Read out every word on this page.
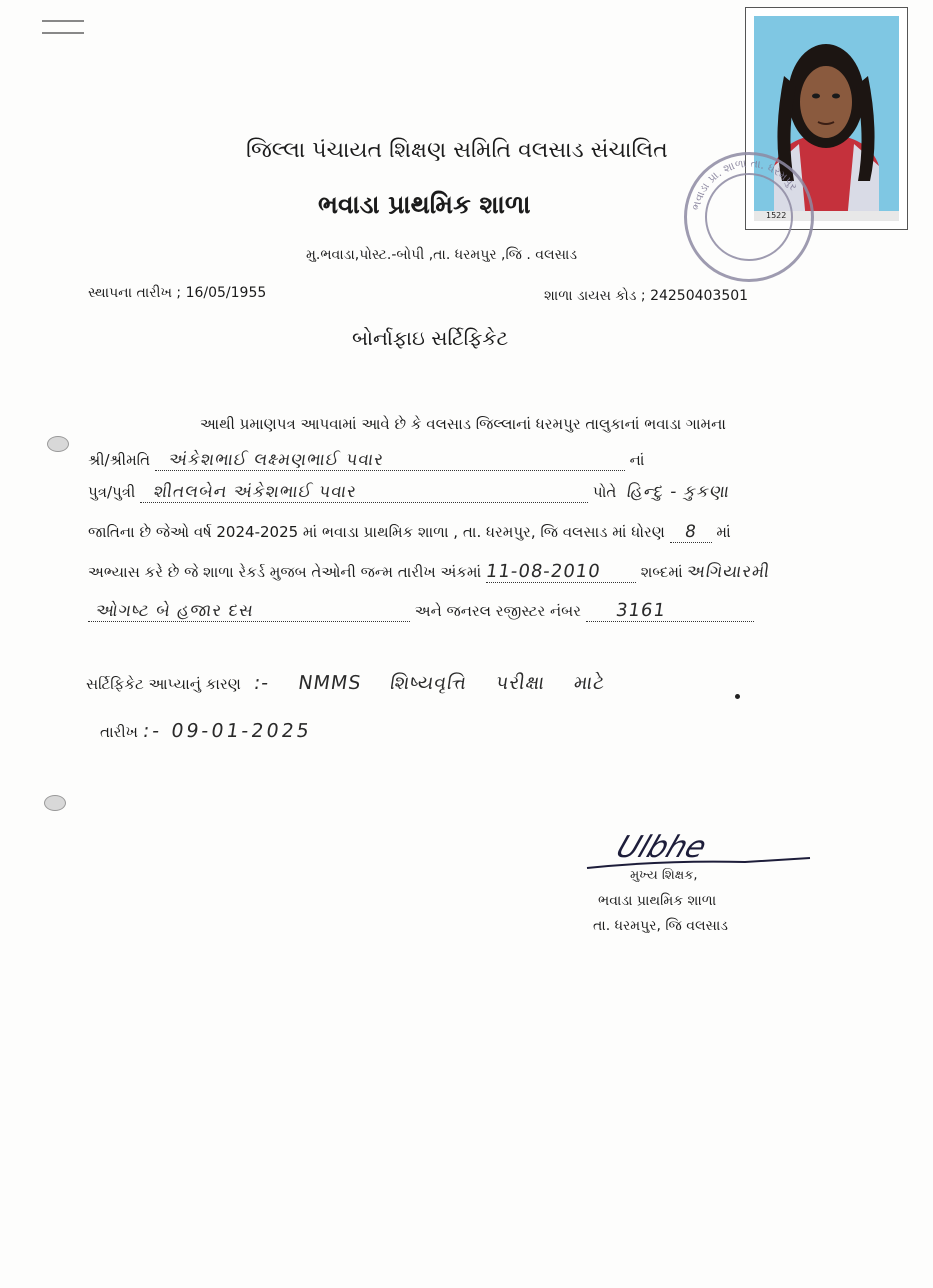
1522
ભવાડા પ્રા. શાળા તા. ધરમપુર
જિલ્લા પંચાયત શિક્ષણ સમિતિ વલસાડ સંચાલિત
ભવાડા પ્રાથમિક શાળા
મુ.ભવાડા,પોસ્ટ.-બોપી ,તા. ધરમપુર ,જિ . વલસાડ
સ્થાપના તારીખ ; 16/05/1955	શાળા ડાયસ કોડ ; 24250403501
બોર્નાફાઇ સર્ટિફિકેટ
આથી પ્રમાણપત્ર આપવામાં આવે છે કે વલસાડ જિલ્લાનાં ધરમપુર તાલુકાનાં ભવાડા ગામના
શ્રી/શ્રીમતિ અંકેશભાઈ લક્ષ્મણભાઈ પવાર	નાં
પુત્ર/પુત્રી શીતલબેન અંકેશભાઈ પવાર	પોતે હિન્દુ - કુકણા
જાતિના છે જેઓ વર્ષ 2024-2025 માં ભવાડા પ્રાથમિક શાળા , તા. ધરમપુર, જિ વલસાડ માં ધોરણ 8 માં
અભ્યાસ કરે છે જે શાળા રેકર્ડ મુજબ તેઓની જન્મ તારીખ અંકમાં 11-08-2010	શબ્દમાં અગિયારમી
ઓગષ્ટ બે હજાર દસ	અને જનરલ રજીસ્ટર નંબર 3161
સર્ટિફિકેટ આપ્યાનું કારણ :- NMMS શિષ્યવૃત્તિ પરીક્ષા માટે
તારીખ :- 09-01-2025
Ulbhe
મુખ્ય શિક્ષક,
ભવાડા પ્રાથમિક શાળા
તા. ધરમપુર, જિ વલસાડ
